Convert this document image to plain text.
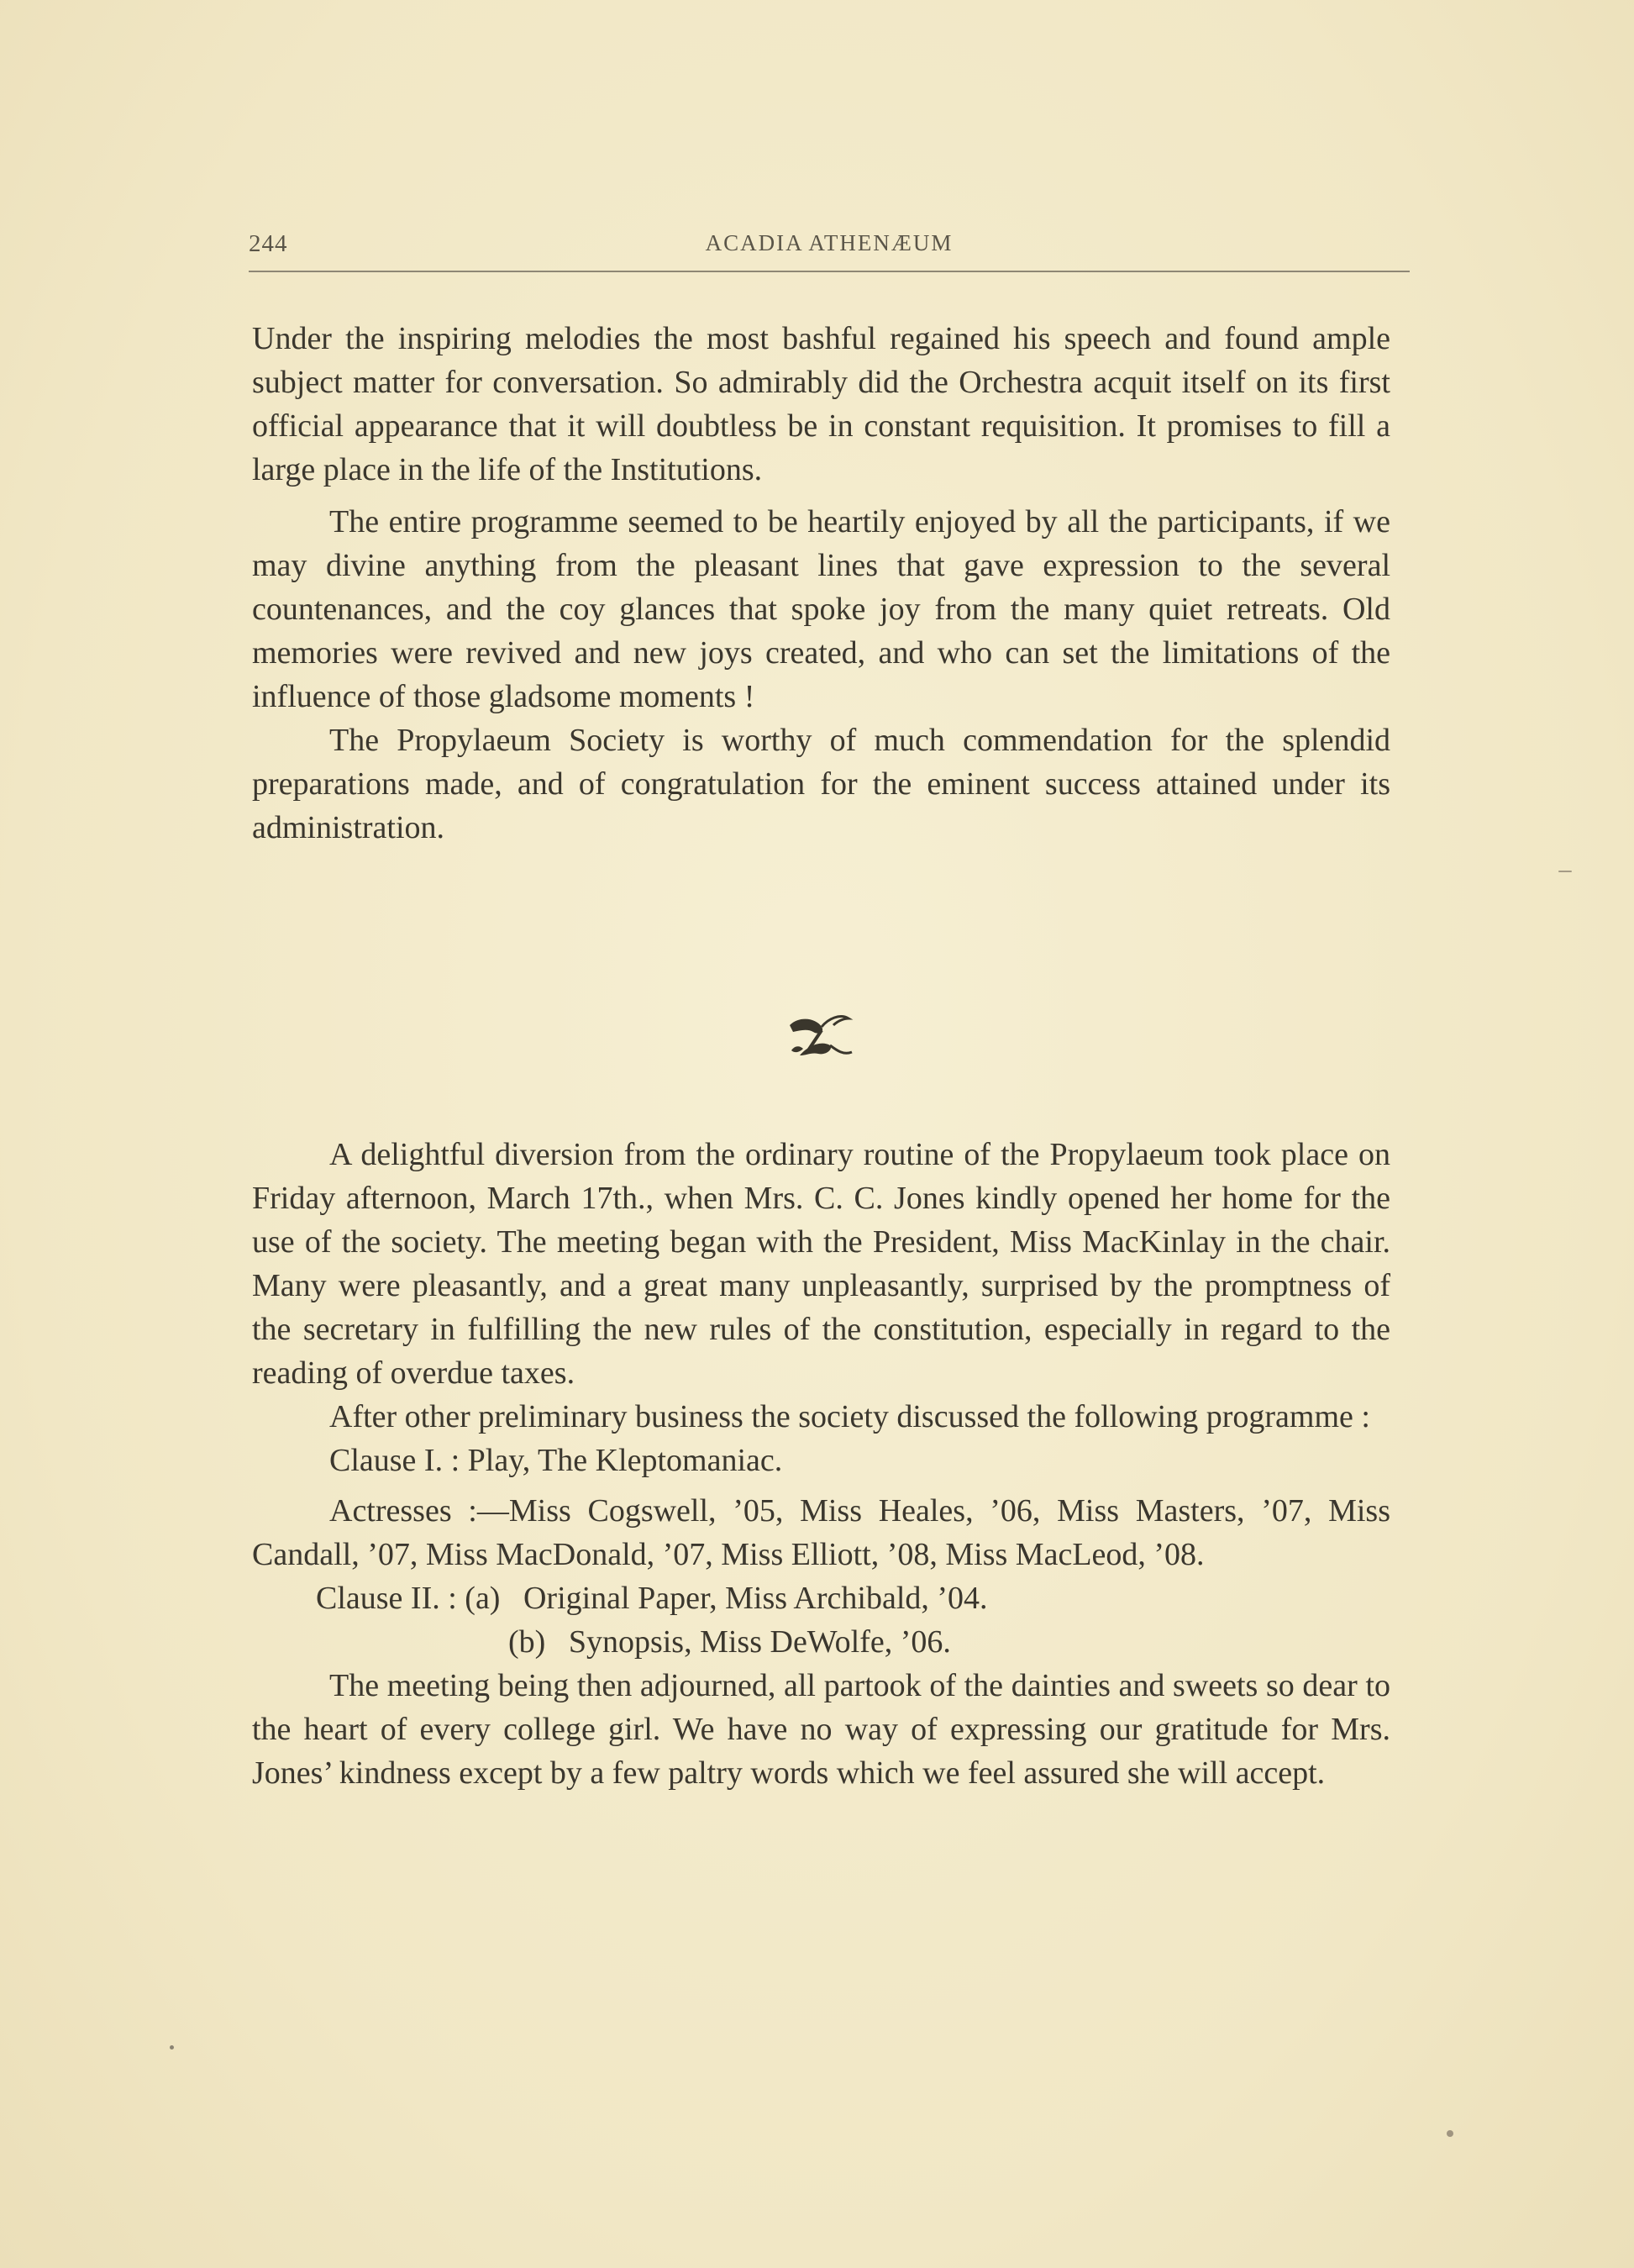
244	ACADIA ATHENÆUM

Under the inspiring melodies the most bashful regained his speech and found ample subject matter for conversation. So admirably did the Orchestra acquit itself on its first official appearance that it will doubtless be in constant requisition. It promises to fill a large place in the life of the Institutions.

The entire programme seemed to be heartily enjoyed by all the participants, if we may divine anything from the pleasant lines that gave expression to the several countenances, and the coy glances that spoke joy from the many quiet retreats. Old memories were revived and new joys created, and who can set the limitations of the influence of those gladsome moments !

The Propylaeum Society is worthy of much commendation for the splendid preparations made, and of congratulation for the eminent success attained under its administration.

A delightful diversion from the ordinary routine of the Propylaeum took place on Friday afternoon, March 17th., when Mrs. C. C. Jones kindly opened her home for the use of the society. The meeting began with the President, Miss MacKinlay in the chair. Many were pleasantly, and a great many unpleasantly, surprised by the promptness of the secretary in fulfilling the new rules of the constitution, especially in regard to the reading of overdue taxes.

After other preliminary business the society discussed the following programme :

Clause I. : Play, The Kleptomaniac.

Actresses :—Miss Cogswell, ’05, Miss Heales, ’06, Miss Masters, ’07, Miss Candall, ’07, Miss MacDonald, ’07, Miss Elliott, ’08, Miss MacLeod, ’08.

Clause II. : (a) Original Paper, Miss Archibald, ’04.

(b) Synopsis, Miss DeWolfe, ’06.

The meeting being then adjourned, all partook of the dainties and sweets so dear to the heart of every college girl. We have no way of expressing our gratitude for Mrs. Jones’ kindness except by a few paltry words which we feel assured she will accept.
